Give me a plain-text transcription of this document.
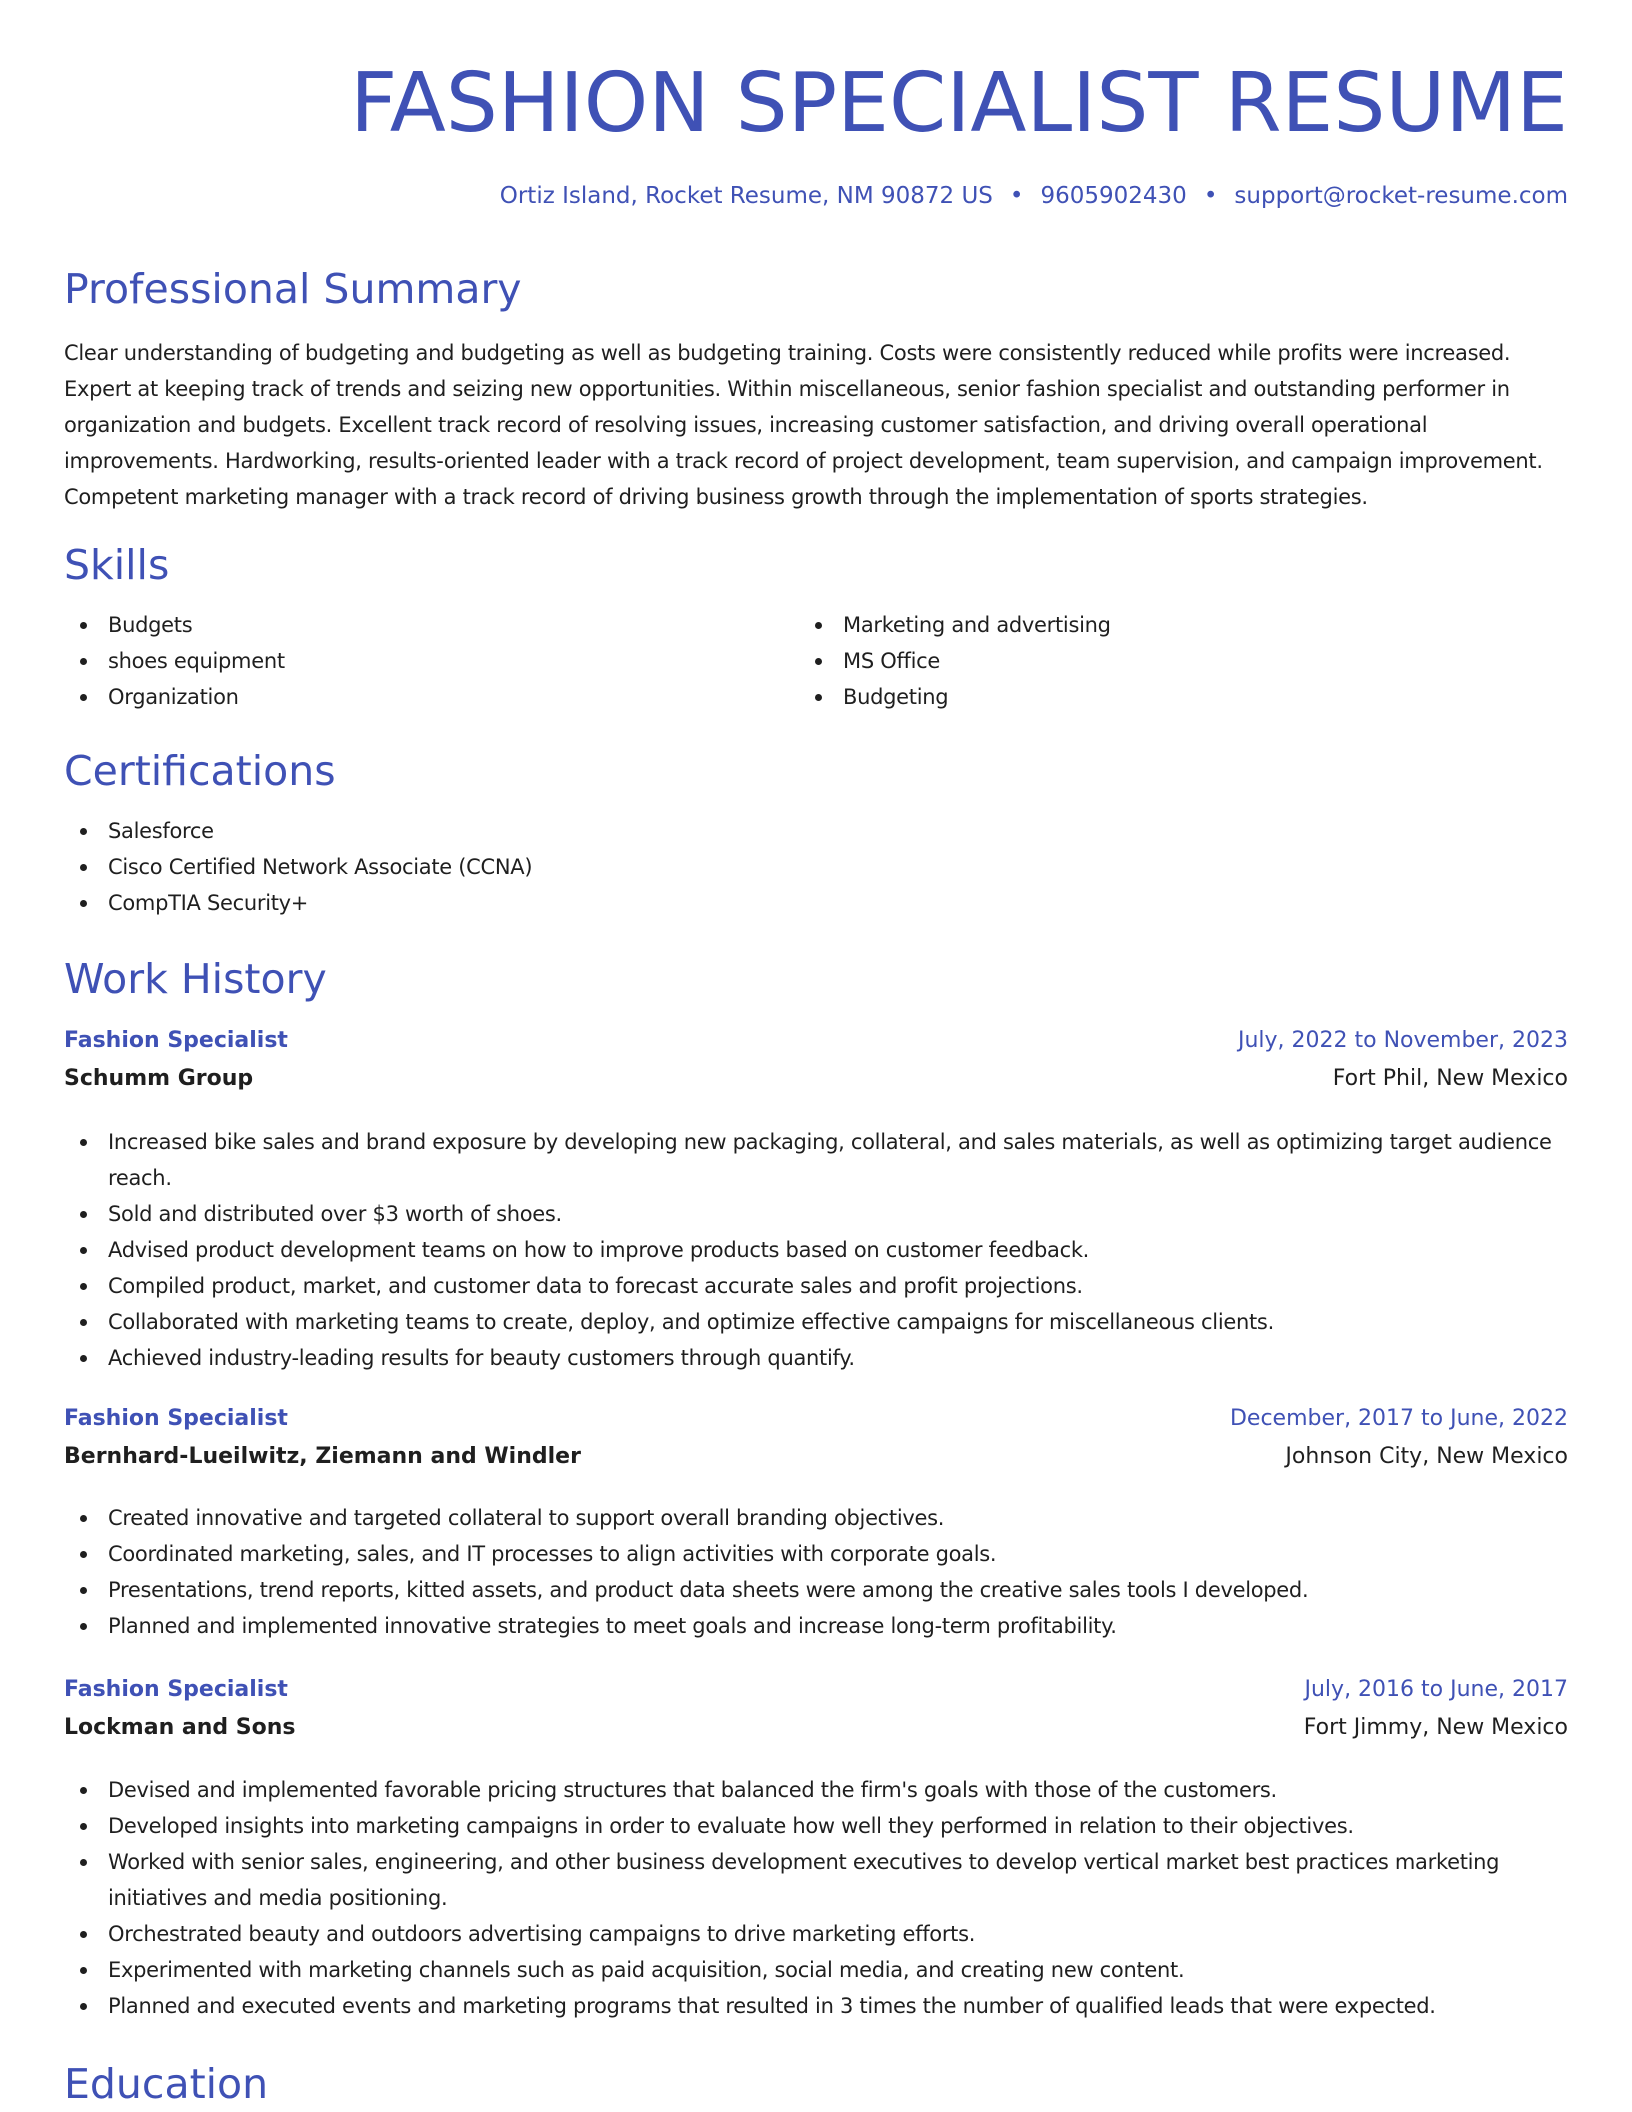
FASHION SPECIALIST RESUME
Ortiz Island, Rocket Resume, NM 90872 US • 9605902430 • support@rocket-resume.com
Professional Summary

Clear understanding of budgeting and budgeting as well as budgeting training. Costs were consistently reduced while profits were increased. Expert at keeping track of trends and seizing new opportunities. Within miscellaneous, senior fashion specialist and outstanding performer in organization and budgets. Excellent track record of resolving issues, increasing customer satisfaction, and driving overall operational improvements. Hardworking, results-oriented leader with a track record of project development, team supervision, and campaign improvement. Competent marketing manager with a track record of driving business growth through the implementation of sports strategies.

Skills
Budgets
shoes equipment
Organization
Marketing and advertising
MS Office
Budgeting
Certifications
Salesforce
Cisco Certified Network Associate (CCNA)
CompTIA Security+
Work History
Fashion Specialist	July, 2022 to November, 2023
Schumm Group	Fort Phil, New Mexico
Increased bike sales and brand exposure by developing new packaging, collateral, and sales materials, as well as optimizing target audience reach.
Sold and distributed over $3 worth of shoes.
Advised product development teams on how to improve products based on customer feedback.
Compiled product, market, and customer data to forecast accurate sales and profit projections.
Collaborated with marketing teams to create, deploy, and optimize effective campaigns for miscellaneous clients.
Achieved industry-leading results for beauty customers through quantify.
Fashion Specialist	December, 2017 to June, 2022
Bernhard-Lueilwitz, Ziemann and Windler	Johnson City, New Mexico
Created innovative and targeted collateral to support overall branding objectives.
Coordinated marketing, sales, and IT processes to align activities with corporate goals.
Presentations, trend reports, kitted assets, and product data sheets were among the creative sales tools I developed.
Planned and implemented innovative strategies to meet goals and increase long-term profitability.
Fashion Specialist	July, 2016 to June, 2017
Lockman and Sons	Fort Jimmy, New Mexico
Devised and implemented favorable pricing structures that balanced the firm's goals with those of the customers.
Developed insights into marketing campaigns in order to evaluate how well they performed in relation to their objectives.
Worked with senior sales, engineering, and other business development executives to develop vertical market best practices marketing initiatives and media positioning.
Orchestrated beauty and outdoors advertising campaigns to drive marketing efforts.
Experimented with marketing channels such as paid acquisition, social media, and creating new content.
Planned and executed events and marketing programs that resulted in 3 times the number of qualified leads that were expected.
Education
